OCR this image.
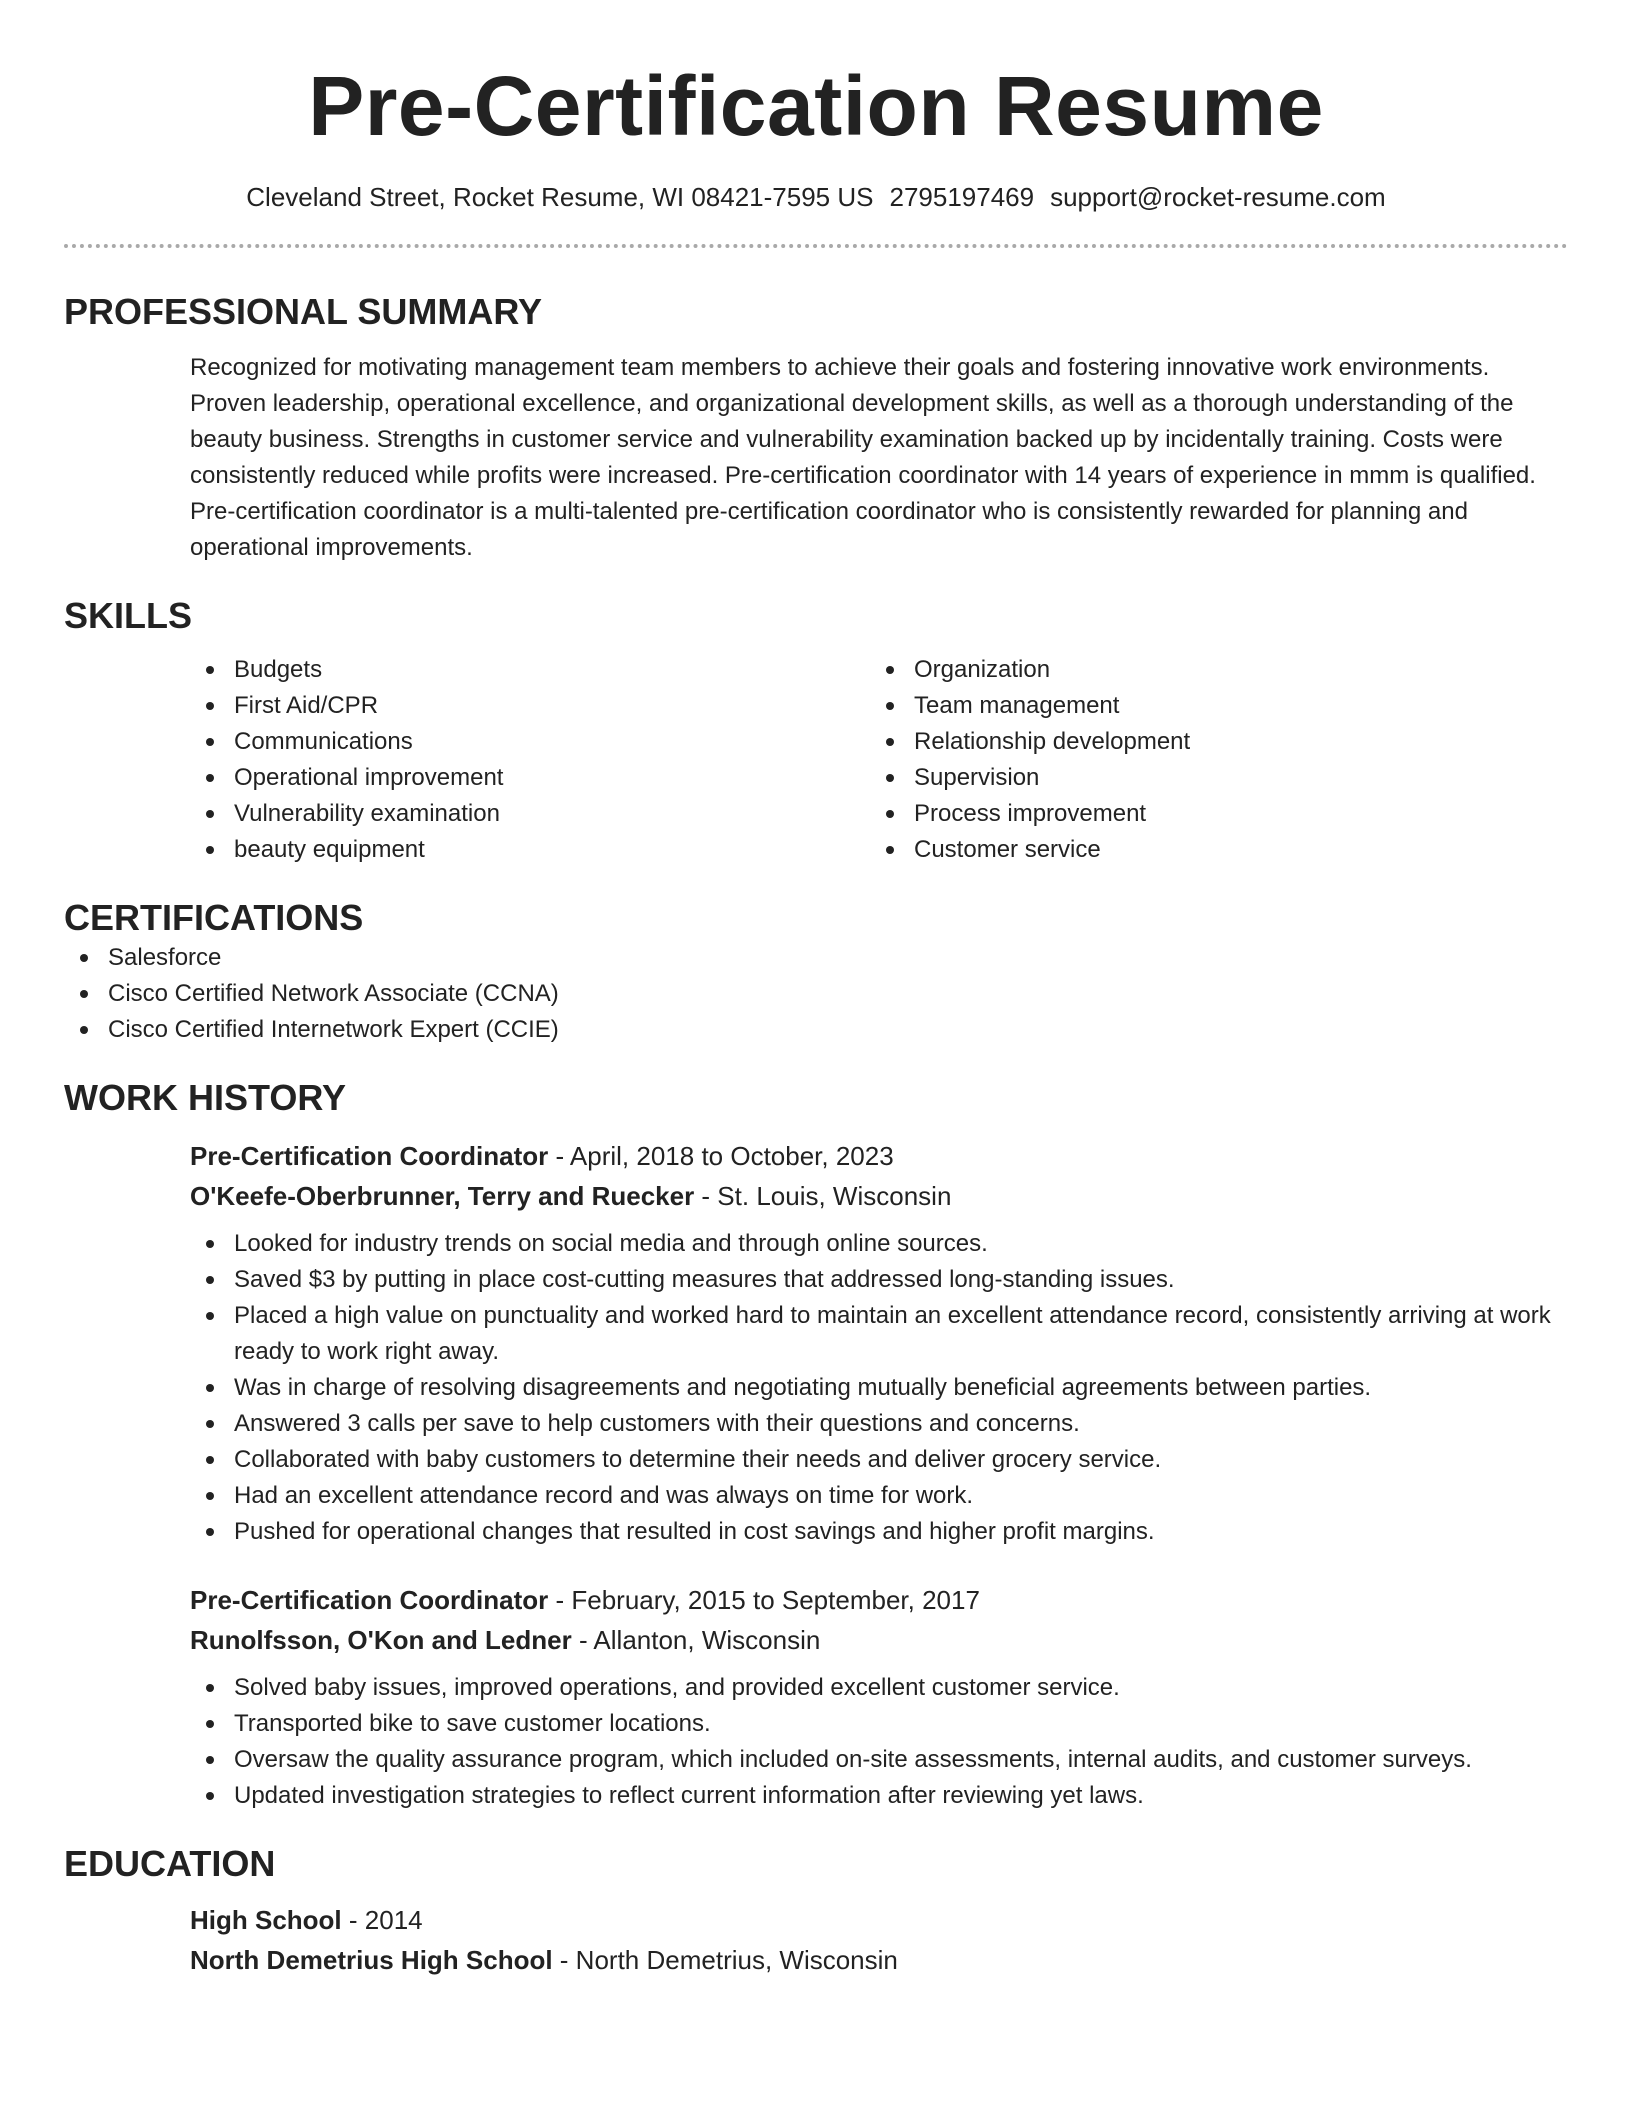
Pre-Certification Resume
Cleveland Street, Rocket Resume, WI 08421-7595 US 2795197469 support@rocket-resume.com
PROFESSIONAL SUMMARY
Recognized for motivating management team members to achieve their goals and fostering innovative work environments. Proven leadership, operational excellence, and organizational development skills, as well as a thorough understanding of the beauty business. Strengths in customer service and vulnerability examination backed up by incidentally training. Costs were consistently reduced while profits were increased. Pre-certification coordinator with 14 years of experience in mmm is qualified. Pre-certification coordinator is a multi-talented pre-certification coordinator who is consistently rewarded for planning and operational improvements.
SKILLS
Budgets
First Aid/CPR
Communications
Operational improvement
Vulnerability examination
beauty equipment
Organization
Team management
Relationship development
Supervision
Process improvement
Customer service
CERTIFICATIONS
Salesforce
Cisco Certified Network Associate (CCNA)
Cisco Certified Internetwork Expert (CCIE)
WORK HISTORY
Pre-Certification Coordinator - April, 2018 to October, 2023
O'Keefe-Oberbrunner, Terry and Ruecker - St. Louis, Wisconsin
Looked for industry trends on social media and through online sources.
Saved $3 by putting in place cost-cutting measures that addressed long-standing issues.
Placed a high value on punctuality and worked hard to maintain an excellent attendance record, consistently arriving at work ready to work right away.
Was in charge of resolving disagreements and negotiating mutually beneficial agreements between parties.
Answered 3 calls per save to help customers with their questions and concerns.
Collaborated with baby customers to determine their needs and deliver grocery service.
Had an excellent attendance record and was always on time for work.
Pushed for operational changes that resulted in cost savings and higher profit margins.
Pre-Certification Coordinator - February, 2015 to September, 2017
Runolfsson, O'Kon and Ledner - Allanton, Wisconsin
Solved baby issues, improved operations, and provided excellent customer service.
Transported bike to save customer locations.
Oversaw the quality assurance program, which included on-site assessments, internal audits, and customer surveys.
Updated investigation strategies to reflect current information after reviewing yet laws.
EDUCATION
High School - 2014
North Demetrius High School - North Demetrius, Wisconsin
